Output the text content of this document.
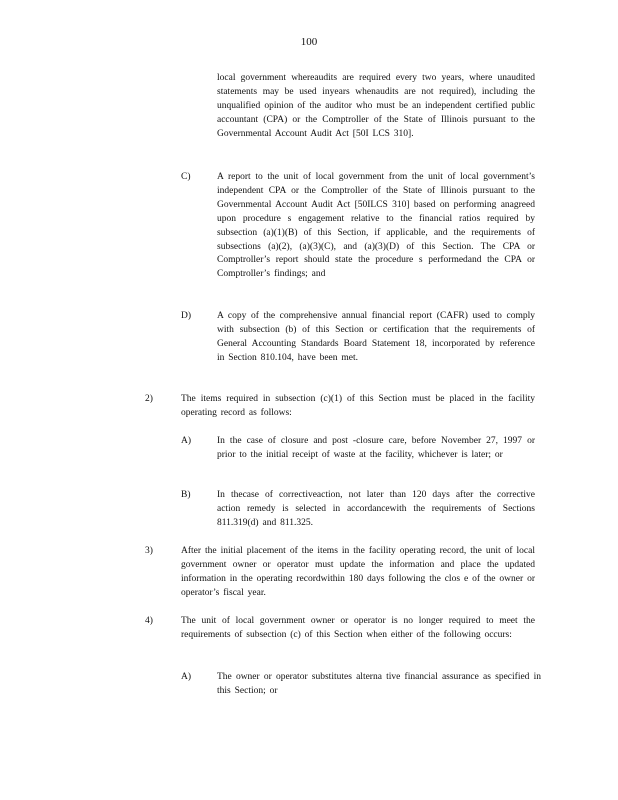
100
local government whereaudits are required every two years, where unaudited statements may be used inyears whenaudits are not required), including the unqualified opinion of the auditor who must be an independent certified public accountant (CPA) or the Comptroller of the State of Illinois pursuant to the Governmental Account Audit Act [50I LCS 310].
C)	A report to the unit of local government from the unit of local government’s independent CPA or the Comptroller of the State of Illinois pursuant to the Governmental Account Audit Act [50ILCS 310] based on performing anagreed upon procedure s engagement relative to the financial ratios required by subsection (a)(1)(B) of this Section, if applicable, and the requirements of subsections (a)(2), (a)(3)(C), and (a)(3)(D) of this Section. The CPA or Comptroller’s report should state the procedure s performedand the CPA or Comptroller’s findings; and
D)	A copy of the comprehensive annual financial report (CAFR) used to comply with subsection (b) of this Section or certification that the requirements of General Accounting Standards Board Statement 18, incorporated by reference in Section 810.104, have been met.
2)	The items required in subsection (c)(1) of this Section must be placed in the facility operating record as follows:
A)	In the case of closure and post -closure care, before November 27, 1997 or prior to the initial receipt of waste at the facility, whichever is later; or
B)	In thecase of correctiveaction, not later than 120 days after the corrective action remedy is selected in accordancewith the requirements of Sections 811.319(d) and 811.325.
3)	After the initial placement of the items in the facility operating record, the unit of local government owner or operator must update the information and place the updated information in the operating recordwithin 180 days following the clos e of the owner or operator’s fiscal year.
4)	The unit of local government owner or operator is no longer required to meet the requirements of subsection (c) of this Section when either of the following occurs:
A)	The owner or operator substitutes alterna tive financial assurance as specified in this Section; or
